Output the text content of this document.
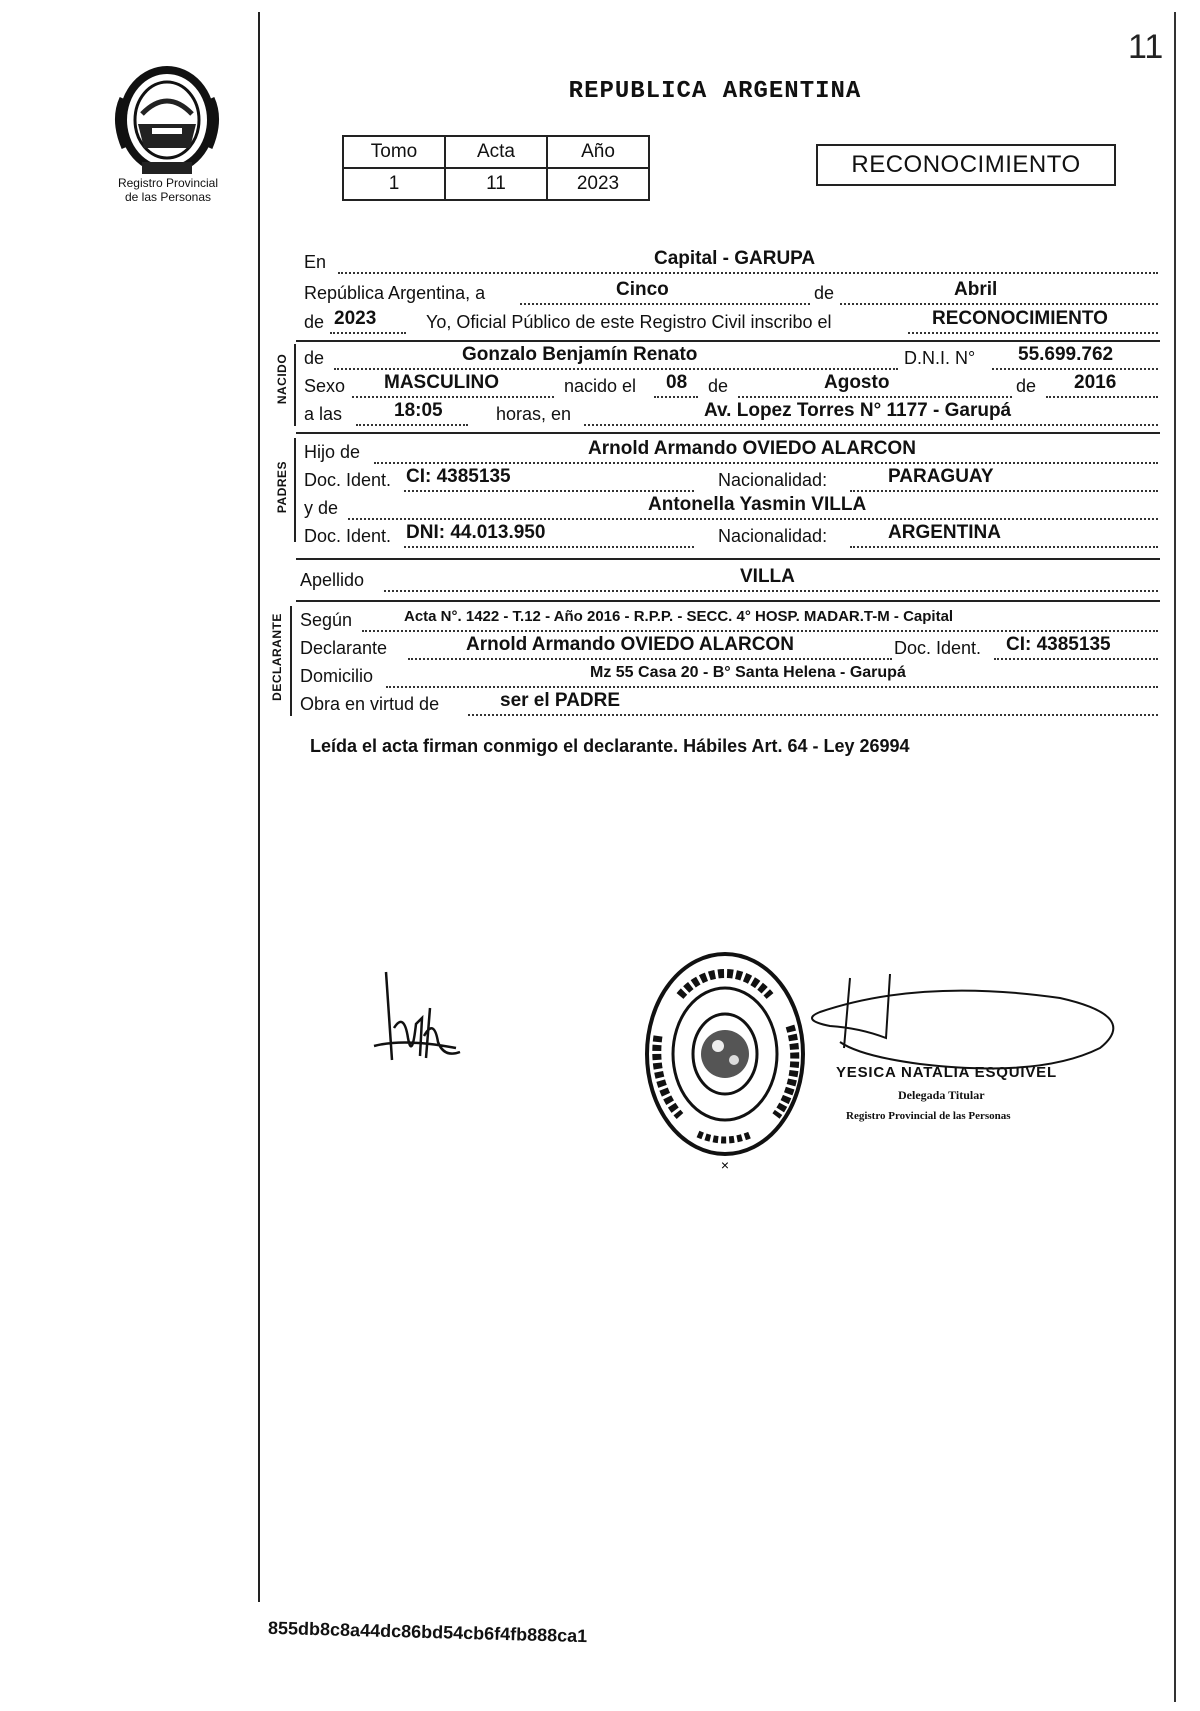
11
REPUBLICA ARGENTINA
Registro Provincial
de las Personas
Tomo	Acta	Año
1	11	2023
RECONOCIMIENTO
En	Capital - GARUPA
República Argentina, a	Cinco	de	Abril
de 2023	Yo, Oficial Público de este Registro Civil inscribo el	RECONOCIMIENTO
NACIDO de	Gonzalo Benjamín Renato	D.N.I. N° 55.699.762
Sexo MASCULINO	nacido el 08 de	Agosto	de 2016
a las	18:05	horas, en	Av. Lopez Torres N° 1177 - Garupá
PADRES
Hijo de	Arnold Armando OVIEDO ALARCON
Doc. Ident. CI: 4385135	Nacionalidad:	PARAGUAY
y de	Antonella Yasmin VILLA
Doc. Ident. DNI: 44.013.950	Nacionalidad:	ARGENTINA
Apellido	VILLA
DECLARANTE Según	Acta N°. 1422 - T.12 - Año 2016 - R.P.P. - SECC. 4° HOSP. MADAR.T-M - Capital
Declarante	Arnold Armando OVIEDO ALARCON	Doc. Ident. CI: 4385135
Domicilio	Mz 55 Casa 20 - B° Santa Helena - Garupá
Obra en virtud de	ser el PADRE
Leída el acta firman conmigo el declarante. Hábiles Art. 64 - Ley 26994
×
YESICA NATALIA ESQUIVEL
Delegada Titular
Registro Provincial de las Personas
855db8c8a44dc86bd54cb6f4fb888ca1
